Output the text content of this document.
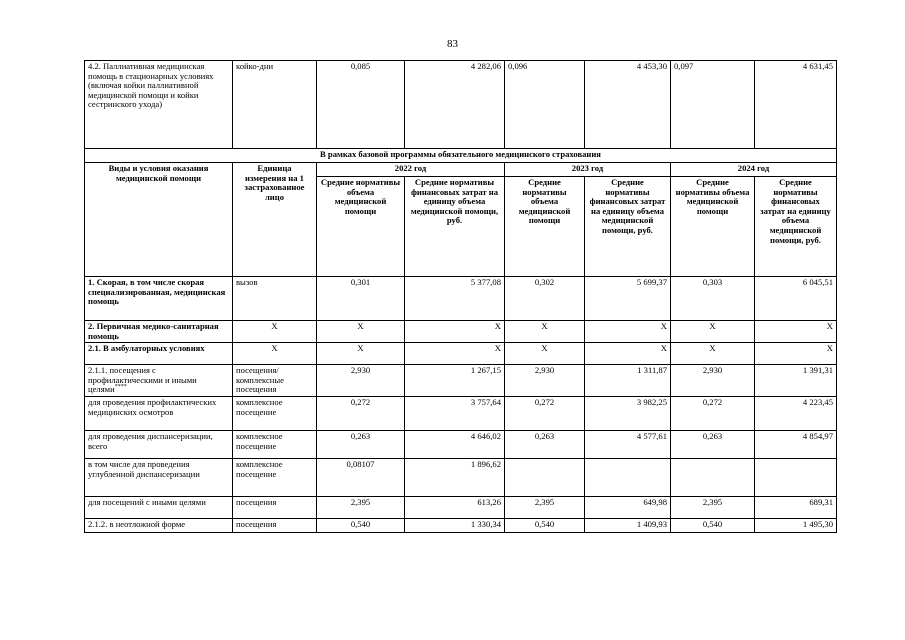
83
4.2. Паллиативная медицинская помощь в стационарных условиях (включая койки паллиативной медицинской помощи и койки сестринского ухода)	койко-дни	0,085	4 282,06	0,096	4 453,30	0,097	4 631,45
В рамках базовой программы обязательного медицинского страхования							
Виды и условия оказания медицинской помощи	Единица измерения на 1 застрахованное лицо	2022 год		2023 год		2024 год	
		Средние нормативы объема медицинской помощи	Средние нормативы финансовых затрат на единицу объема медицинской помощи, руб.	Средние нормативы объема медицинской помощи	Средние нормативы финансовых затрат на единицу объема медицинской помощи, руб.	Средние нормативы объема медицинской помощи	Средние нормативы финансовых затрат на единицу объема медицинской помощи, руб.
1. Скорая, в том числе скорая специализированная, медицинская помощь	вызов	0,301	5 377,08	0,302	5 699,37	0,303	6 045,51
2. Первичная медико-санитарная помощь	Х	Х	Х	Х	Х	Х	Х
2.1. В амбулаторных условиях	Х	Х	Х	Х	Х	Х	Х
2.1.1. посещения с профилактическими и иными целями****	посещения/комплексные посещения	2,930	1 267,15	2,930	1 311,87	2,930	1 391,31
для проведения профилактических медицинских осмотров	комплексное посещение	0,272	3 757,64	0,272	3 982,25	0,272	4 223,45
для проведения диспансеризации, всего	комплексное посещение	0,263	4 646,02	0,263	4 577,61	0,263	4 854,97
в том числе для проведения углубленной диспансеризации	комплексное посещение	0,08107	1 896,62				
для посещений с иными целями	посещения	2,395	613,26	2,395	649,98	2,395	689,31
2.1.2. в неотложной форме	посещения	0,540	1 330,34	0,540	1 409,93	0,540	1 495,30
